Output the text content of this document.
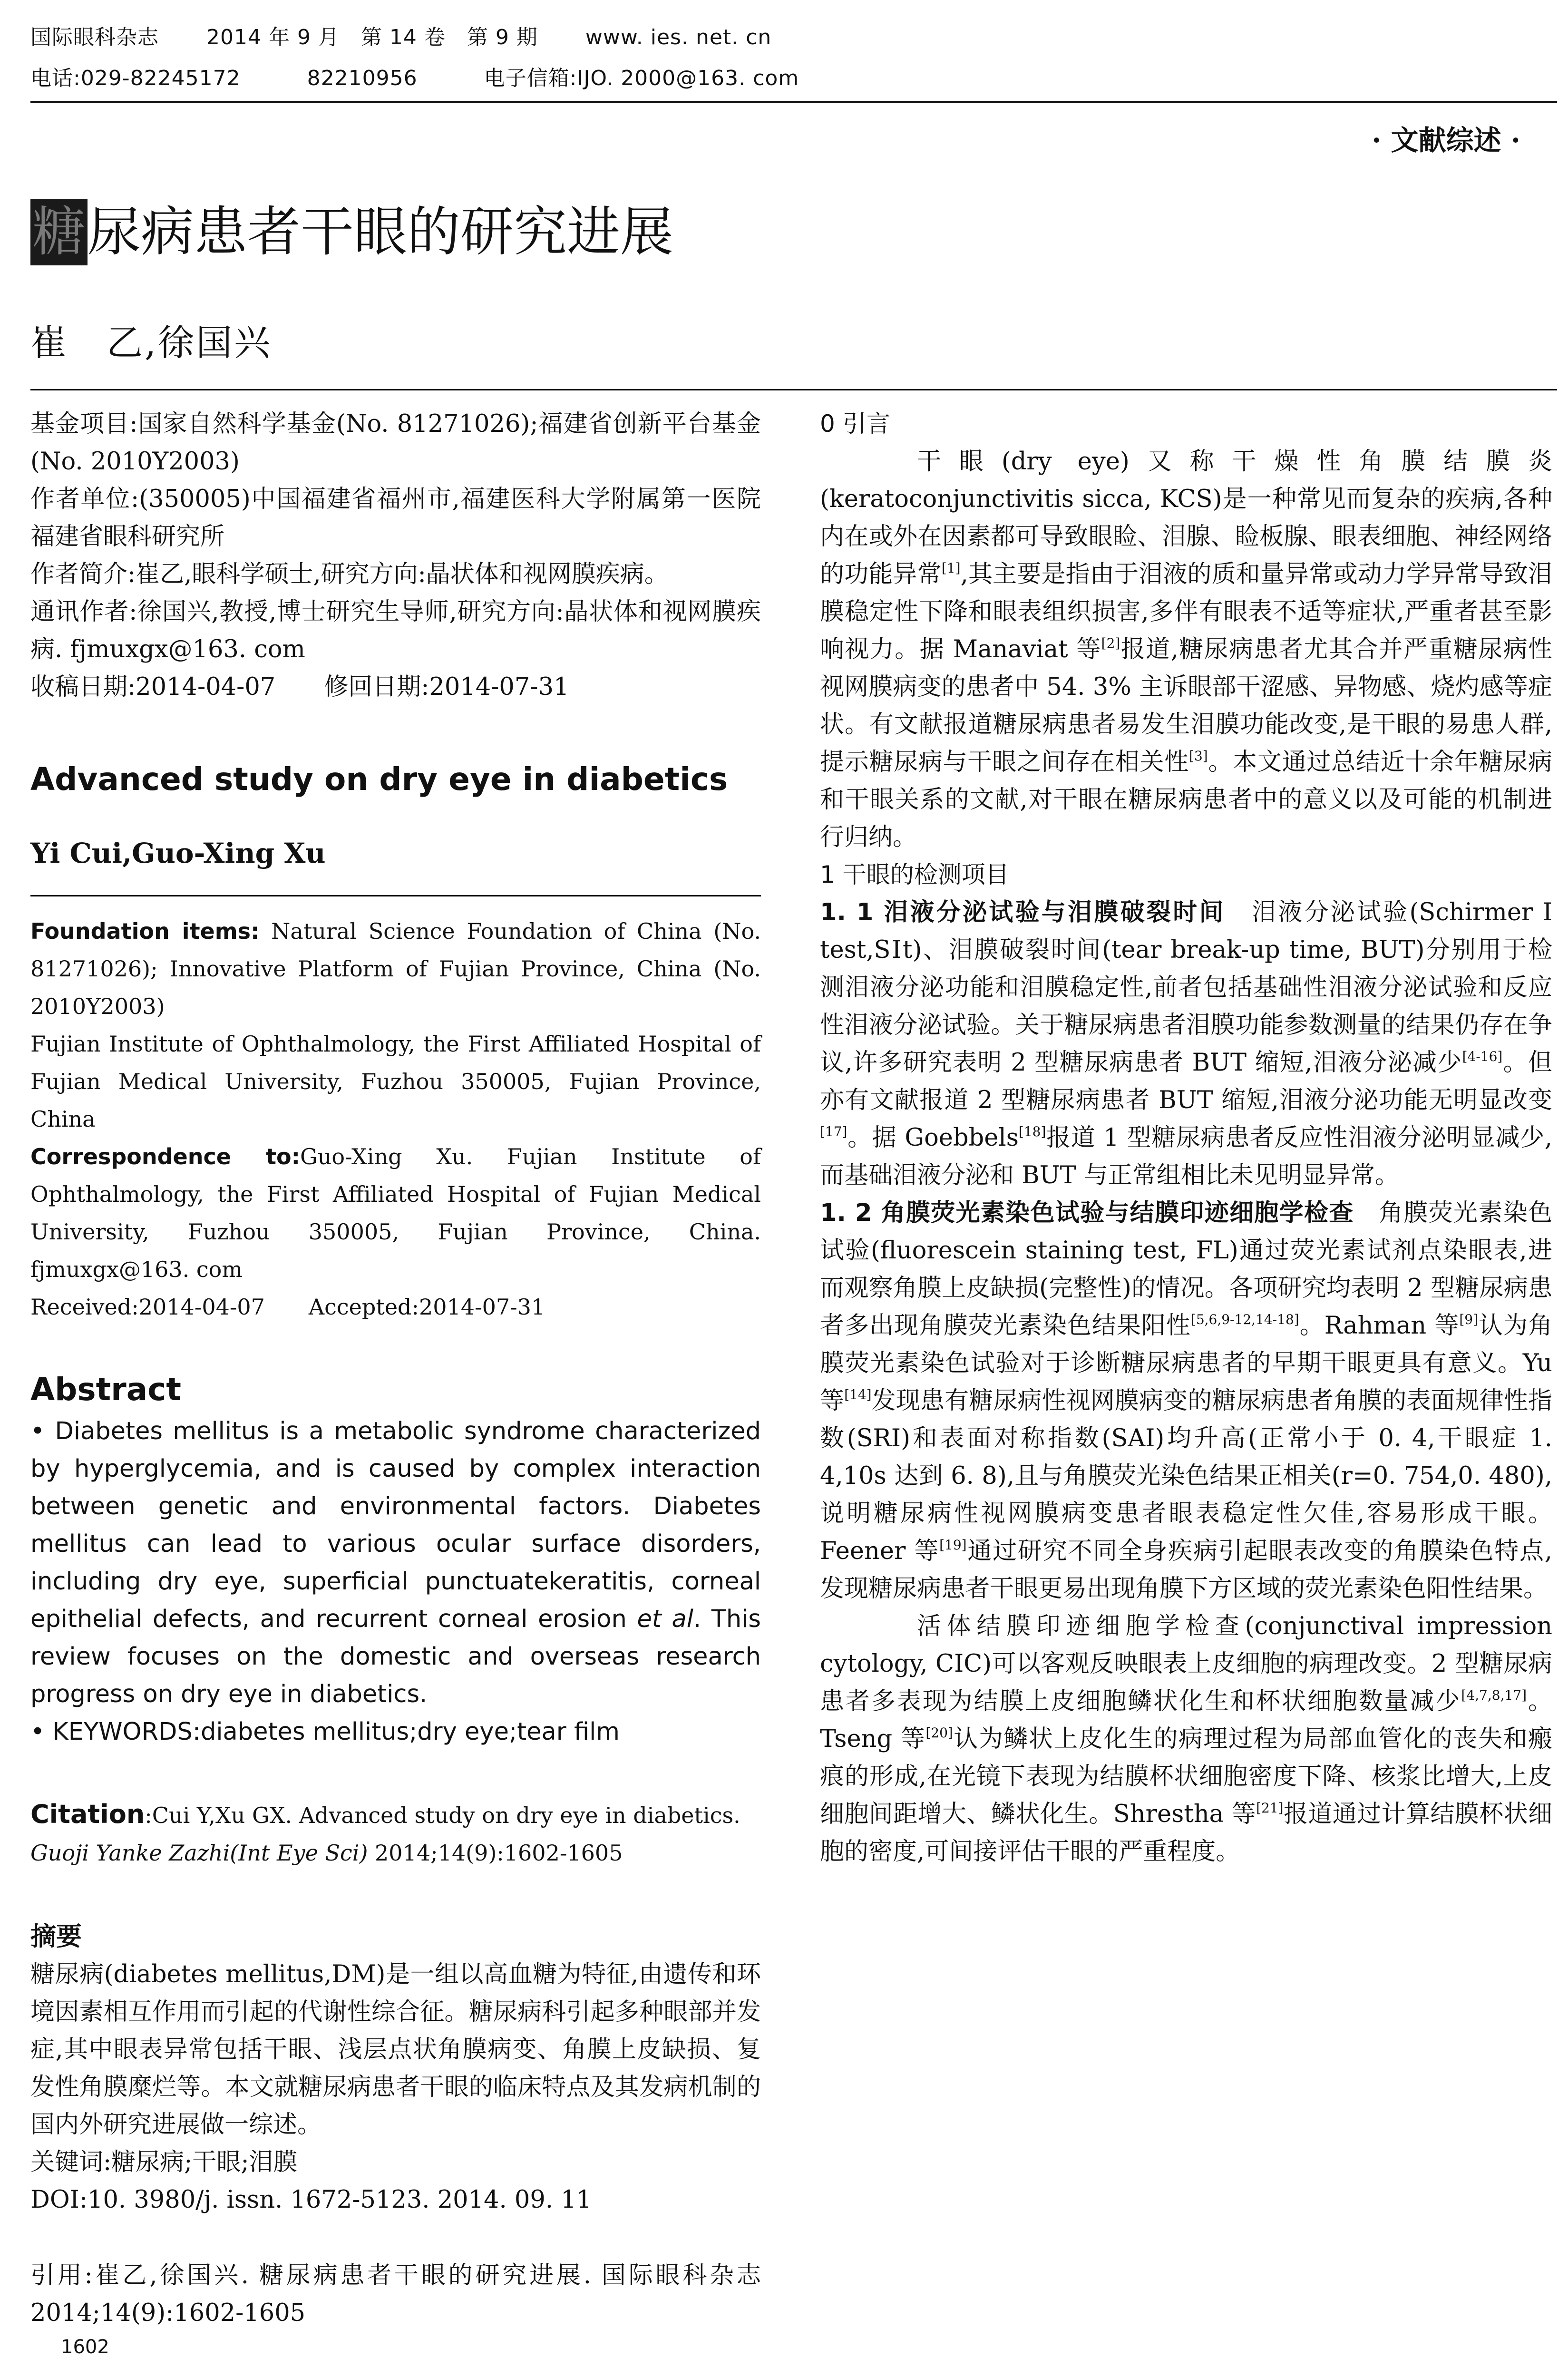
国际眼科杂志 2014 年 9 月　第 14 卷　第 9 期 www. ies. net. cn
电话:029-82245172	82210956	电子信箱:IJO. 2000@163. com
· 文献综述 ·
糖尿病患者干眼的研究进展
崔　乙,徐国兴

基金项目:国家自然科学基金(No. 81271026);福建省创新平台基金(No. 2010Y2003)

作者单位:(350005)中国福建省福州市,福建医科大学附属第一医院 福建省眼科研究所

作者简介:崔乙,眼科学硕士,研究方向:晶状体和视网膜疾病。

通讯作者:徐国兴,教授,博士研究生导师,研究方向:晶状体和视网膜疾病. fjmuxgx@163. com

收稿日期:2014-04-07　　修回日期:2014-07-31

Advanced study on dry eye in diabetics
Yi Cui,Guo-Xing Xu

Foundation items: Natural Science Foundation of China (No. 81271026); Innovative Platform of Fujian Province, China (No. 2010Y2003)

Fujian Institute of Ophthalmology, the First Affiliated Hospital of Fujian Medical University, Fuzhou 350005, Fujian Province, China

Correspondence to:Guo-Xing Xu. Fujian Institute of Ophthalmology, the First Affiliated Hospital of Fujian Medical University, Fuzhou 350005, Fujian Province, China. fjmuxgx@163. com

Received:2014-04-07　　Accepted:2014-07-31

Abstract
• Diabetes mellitus is a metabolic syndrome characterized by hyperglycemia, and is caused by complex interaction between genetic and environmental factors. Diabetes mellitus can lead to various ocular surface disorders, including dry eye, superficial punctuatekeratitis, corneal epithelial defects, and recurrent corneal erosion et al. This review focuses on the domestic and overseas research progress on dry eye in diabetics.
• KEYWORDS:diabetes mellitus;dry eye;tear film
Citation:Cui Y,Xu GX. Advanced study on dry eye in diabetics.
Guoji Yanke Zazhi(Int Eye Sci) 2014;14(9):1602-1605
摘要

糖尿病(diabetes mellitus,DM)是一组以高血糖为特征,由遗传和环境因素相互作用而引起的代谢性综合征。糖尿病科引起多种眼部并发症,其中眼表异常包括干眼、浅层点状角膜病变、角膜上皮缺损、复发性角膜糜烂等。本文就糖尿病患者干眼的临床特点及其发病机制的国内外研究进展做一综述。

关键词:糖尿病;干眼;泪膜

DOI:10. 3980/j. issn. 1672-5123. 2014. 09. 11

引用:崔乙,徐国兴. 糖尿病患者干眼的研究进展. 国际眼科杂志 2014;14(9):1602-1605

1602
0 引言

干眼(dry eye)又称干燥性角膜结膜炎(keratoconjunctivitis sicca, KCS)是一种常见而复杂的疾病,各种内在或外在因素都可导致眼睑、泪腺、睑板腺、眼表细胞、神经网络的功能异常[1],其主要是指由于泪液的质和量异常或动力学异常导致泪膜稳定性下降和眼表组织损害,多伴有眼表不适等症状,严重者甚至影响视力。据 Manaviat 等[2]报道,糖尿病患者尤其合并严重糖尿病性视网膜病变的患者中 54. 3% 主诉眼部干涩感、异物感、烧灼感等症状。有文献报道糖尿病患者易发生泪膜功能改变,是干眼的易患人群,提示糖尿病与干眼之间存在相关性[3]。本文通过总结近十余年糖尿病和干眼关系的文献,对干眼在糖尿病患者中的意义以及可能的机制进行归纳。

1 干眼的检测项目

1. 1 泪液分泌试验与泪膜破裂时间　泪液分泌试验(Schirmer Ⅰ test,SⅠt)、泪膜破裂时间(tear break-up time, BUT)分别用于检测泪液分泌功能和泪膜稳定性,前者包括基础性泪液分泌试验和反应性泪液分泌试验。关于糖尿病患者泪膜功能参数测量的结果仍存在争议,许多研究表明 2 型糖尿病患者 BUT 缩短,泪液分泌减少[4-16]。但亦有文献报道 2 型糖尿病患者 BUT 缩短,泪液分泌功能无明显改变[17]。据 Goebbels[18]报道 1 型糖尿病患者反应性泪液分泌明显减少,而基础泪液分泌和 BUT 与正常组相比未见明显异常。

1. 2 角膜荧光素染色试验与结膜印迹细胞学检查　角膜荧光素染色试验(fluorescein staining test, FL)通过荧光素试剂点染眼表,进而观察角膜上皮缺损(完整性)的情况。各项研究均表明 2 型糖尿病患者多出现角膜荧光素染色结果阳性[5,6,9-12,14-18]。Rahman 等[9]认为角膜荧光素染色试验对于诊断糖尿病患者的早期干眼更具有意义。Yu 等[14]发现患有糖尿病性视网膜病变的糖尿病患者角膜的表面规律性指数(SRI)和表面对称指数(SAI)均升高(正常小于 0. 4,干眼症 1. 4,10s 达到 6. 8),且与角膜荧光染色结果正相关(r=0. 754,0. 480),说明糖尿病性视网膜病变患者眼表稳定性欠佳,容易形成干眼。Feener 等[19]通过研究不同全身疾病引起眼表改变的角膜染色特点,发现糖尿病患者干眼更易出现角膜下方区域的荧光素染色阳性结果。

活体结膜印迹细胞学检查(conjunctival impression cytology, CIC)可以客观反映眼表上皮细胞的病理改变。2 型糖尿病患者多表现为结膜上皮细胞鳞状化生和杯状细胞数量减少[4,7,8,17]。Tseng 等[20]认为鳞状上皮化生的病理过程为局部血管化的丧失和瘢痕的形成,在光镜下表现为结膜杯状细胞密度下降、核浆比增大,上皮细胞间距增大、鳞状化生。Shrestha 等[21]报道通过计算结膜杯状细胞的密度,可间接评估干眼的严重程度。
